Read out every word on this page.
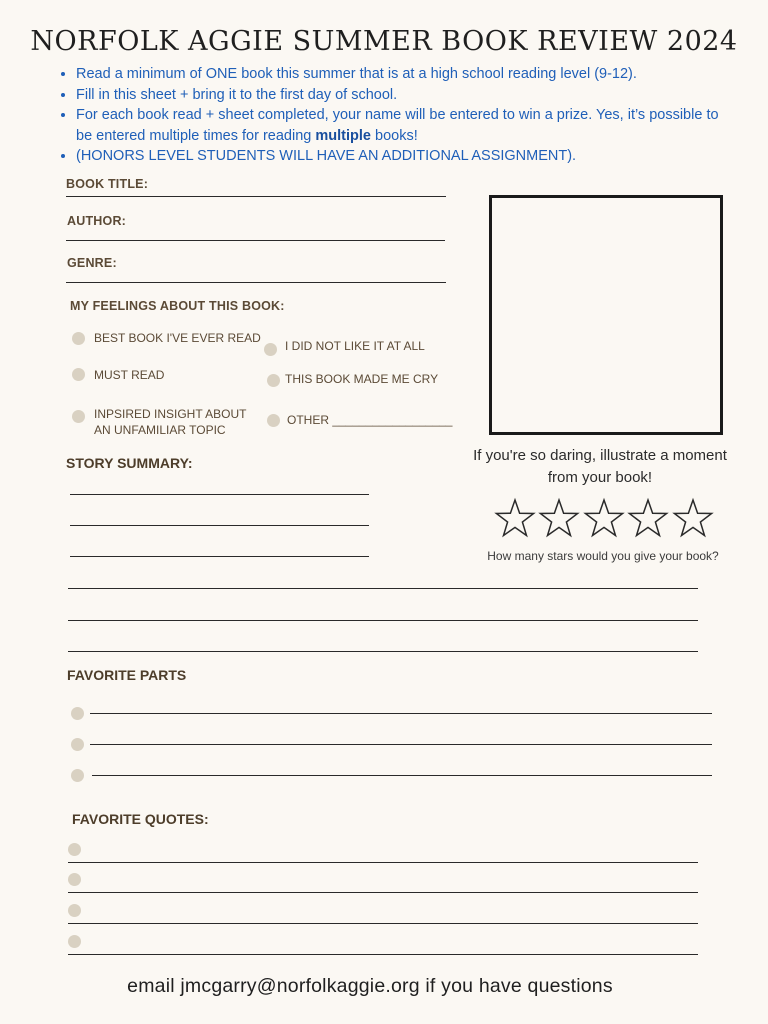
NORFOLK AGGIE SUMMER BOOK REVIEW 2024
• Read a minimum of ONE book this summer that is at a high school reading level (9-12).
• Fill in this sheet + bring it to the first day of school.
• For each book read + sheet completed, your name will be entered to win a prize. Yes, it’s possible to be entered multiple times for reading multiple books!
• (HONORS LEVEL STUDENTS WILL HAVE AN ADDITIONAL ASSIGNMENT).
BOOK TITLE:
AUTHOR:
GENRE:
MY FEELINGS ABOUT THIS BOOK:
BEST BOOK I'VE EVER READ
I DID NOT LIKE IT AT ALL
MUST READ	THIS BOOK MADE ME CRY
INPSIRED INSIGHT ABOUT AN UNFAMILIAR TOPIC
OTHER __________________
If you're so daring, illustrate a moment from your book!
How many stars would you give your book?
STORY SUMMARY:
FAVORITE PARTS
FAVORITE QUOTES:
email jmcgarry@norfolkaggie.org if you have questions
